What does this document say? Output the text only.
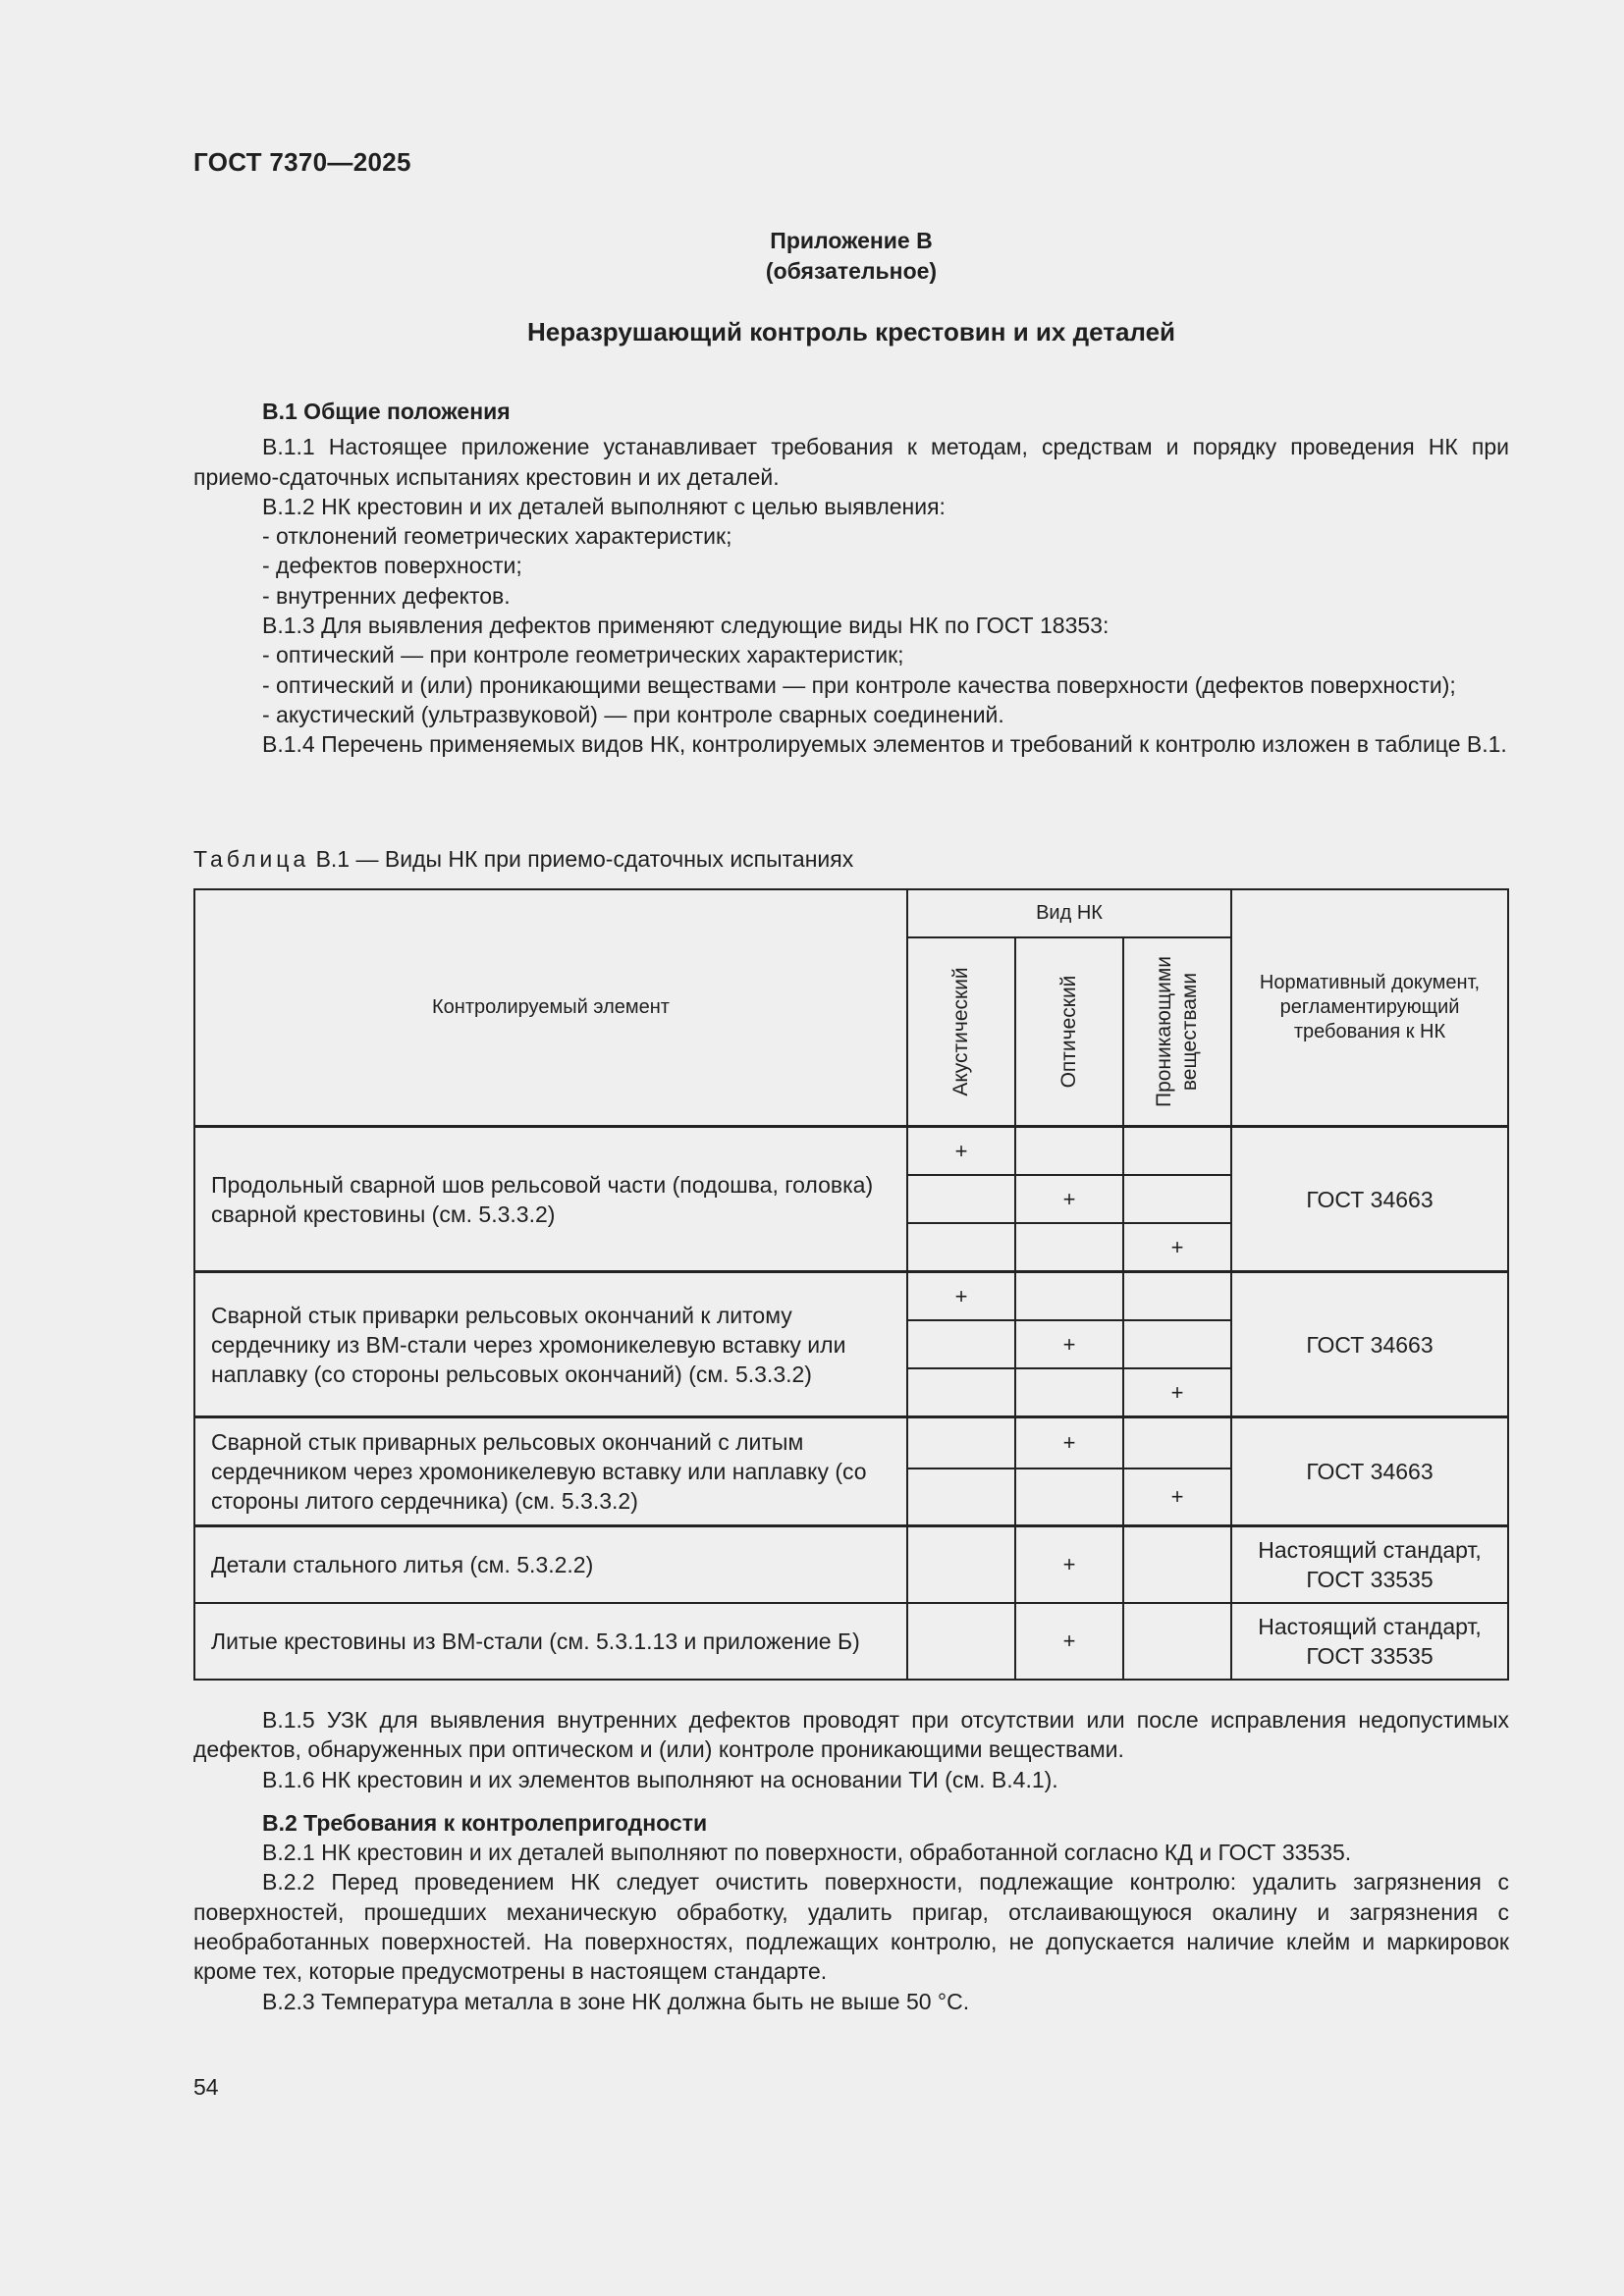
ГОСТ 7370—2025
Приложение В
(обязательное)
Неразрушающий контроль крестовин и их деталей

В.1 Общие положения

В.1.1 Настоящее приложение устанавливает требования к методам, средствам и порядку проведения НК при приемо-сдаточных испытаниях крестовин и их деталей.

В.1.2 НК крестовин и их деталей выполняют с целью выявления:

- отклонений геометрических характеристик;

- дефектов поверхности;

- внутренних дефектов.

В.1.3 Для выявления дефектов применяют следующие виды НК по ГОСТ 18353:

- оптический — при контроле геометрических характеристик;

- оптический и (или) проникающими веществами — при контроле качества поверхности (дефектов поверхности);

- акустический (ультразвуковой) — при контроле сварных соединений.

В.1.4 Перечень применяемых видов НК, контролируемых элементов и требований к контролю изложен в таблице В.1.

Таблица В.1 — Виды НК при приемо-сдаточных испытаниях
Контролируемый элемент	Вид НК			Нормативный документ, регламентирующий требования к НК

	Акустический	Оптический	Проникающими веществами	

Продольный сварной шов рельсовой части (подошва, головка) сварной крестовины (см. 5.3.3.2)	+			ГОСТ 34663
		+		
			+	
Сварной стык приварки рельсовых окончаний к литому сердечнику из ВМ-стали через хромоникелевую вставку или наплавку (со стороны рельсовых окончаний) (см. 5.3.3.2)	+			ГОСТ 34663
		+		
			+	
Сварной стык приварных рельсовых окончаний с литым сердечником через хромоникелевую вставку или наплавку (со стороны литого сердечника) (см. 5.3.3.2)		+		ГОСТ 34663
			+	
Детали стального литья (см. 5.3.2.2)		+		Настоящий стандарт, ГОСТ 33535
Литые крестовины из ВМ-стали (см. 5.3.1.13 и приложение Б)		+		Настоящий стандарт, ГОСТ 33535

В.1.5 УЗК для выявления внутренних дефектов проводят при отсутствии или после исправления недопустимых дефектов, обнаруженных при оптическом и (или) контроле проникающими веществами.

В.1.6 НК крестовин и их элементов выполняют на основании ТИ (см. В.4.1).

В.2 Требования к контролепригодности

В.2.1 НК крестовин и их деталей выполняют по поверхности, обработанной согласно КД и ГОСТ 33535.

В.2.2 Перед проведением НК следует очистить поверхности, подлежащие контролю: удалить загрязнения с поверхностей, прошедших механическую обработку, удалить пригар, отслаивающуюся окалину и загрязнения с необработанных поверхностей. На поверхностях, подлежащих контролю, не допускается наличие клейм и маркировок кроме тех, которые предусмотрены в настоящем стандарте.

В.2.3 Температура металла в зоне НК должна быть не выше 50 °С.

54
